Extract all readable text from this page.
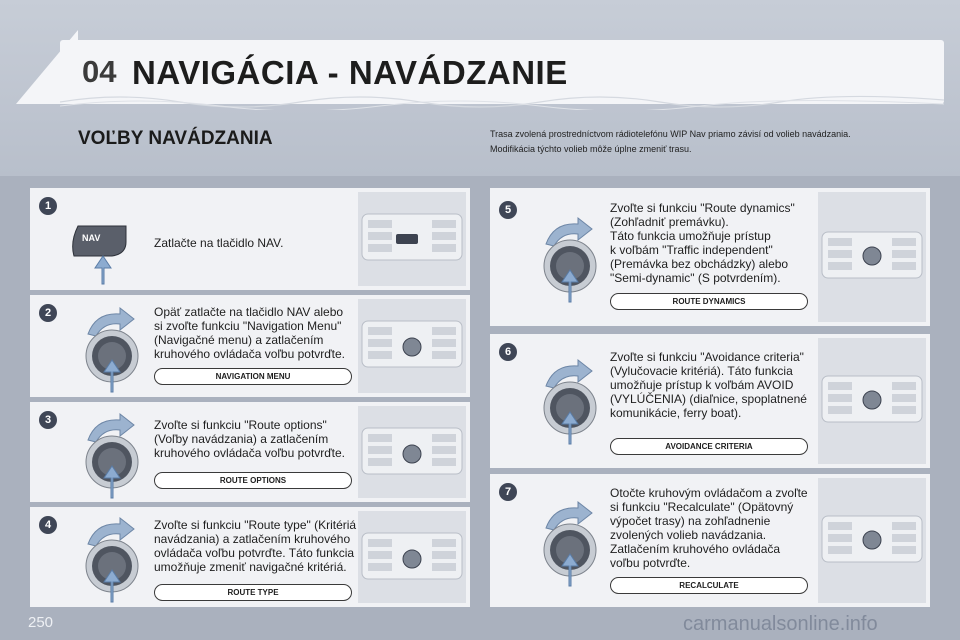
04 NAVIGÁCIA - NAVÁDZANIE
VOĽBY NAVÁDZANIA	Trasa zvolená prostredníctvom rádiotelefónu WIP Nav priamo závisí od volieb navádzania.
Modifikácia týchto volieb môže úplne zmeniť trasu.
1
NAV	Zatlačte na tlačidlo NAV.
2	Opäť zatlačte na tlačidlo NAV alebo
si zvoľte funkciu "Navigation Menu"
(Navigačné menu) a zatlačením
kruhového ovládača voľbu potvrďte.
NAVIGATION MENU
3	Zvoľte si funkciu "Route options"
(Voľby navádzania) a zatlačením
kruhového ovládača voľbu potvrďte.
ROUTE OPTIONS
4	Zvoľte si funkciu "Route type" (Kritériá
navádzania) a zatlačením kruhového
ovládača voľbu potvrďte. Táto funkcia
umožňuje zmeniť navigačné kritériá.
ROUTE TYPE
5	Zvoľte si funkciu "Route dynamics"
(Zohľadniť premávku).
Táto funkcia umožňuje prístup
k voľbám "Traffic independent"
(Premávka bez obchádzky) alebo
"Semi-dynamic" (S potvrdením).
ROUTE DYNAMICS
6	Zvoľte si funkciu "Avoidance criteria"
(Vylučovacie kritériá). Táto funkcia
umožňuje prístup k voľbám AVOID
(VYLÚČENIA) (diaľnice, spoplatnené
komunikácie, ferry boat).
AVOIDANCE CRITERIA
7	Otočte kruhovým ovládačom a zvoľte
si funkciu "Recalculate" (Opätovný
výpočet trasy) na zohľadnenie
zvolených volieb navádzania.
Zatlačením kruhového ovládača
voľbu potvrďte.
RECALCULATE
250	carmanualsonline.info
